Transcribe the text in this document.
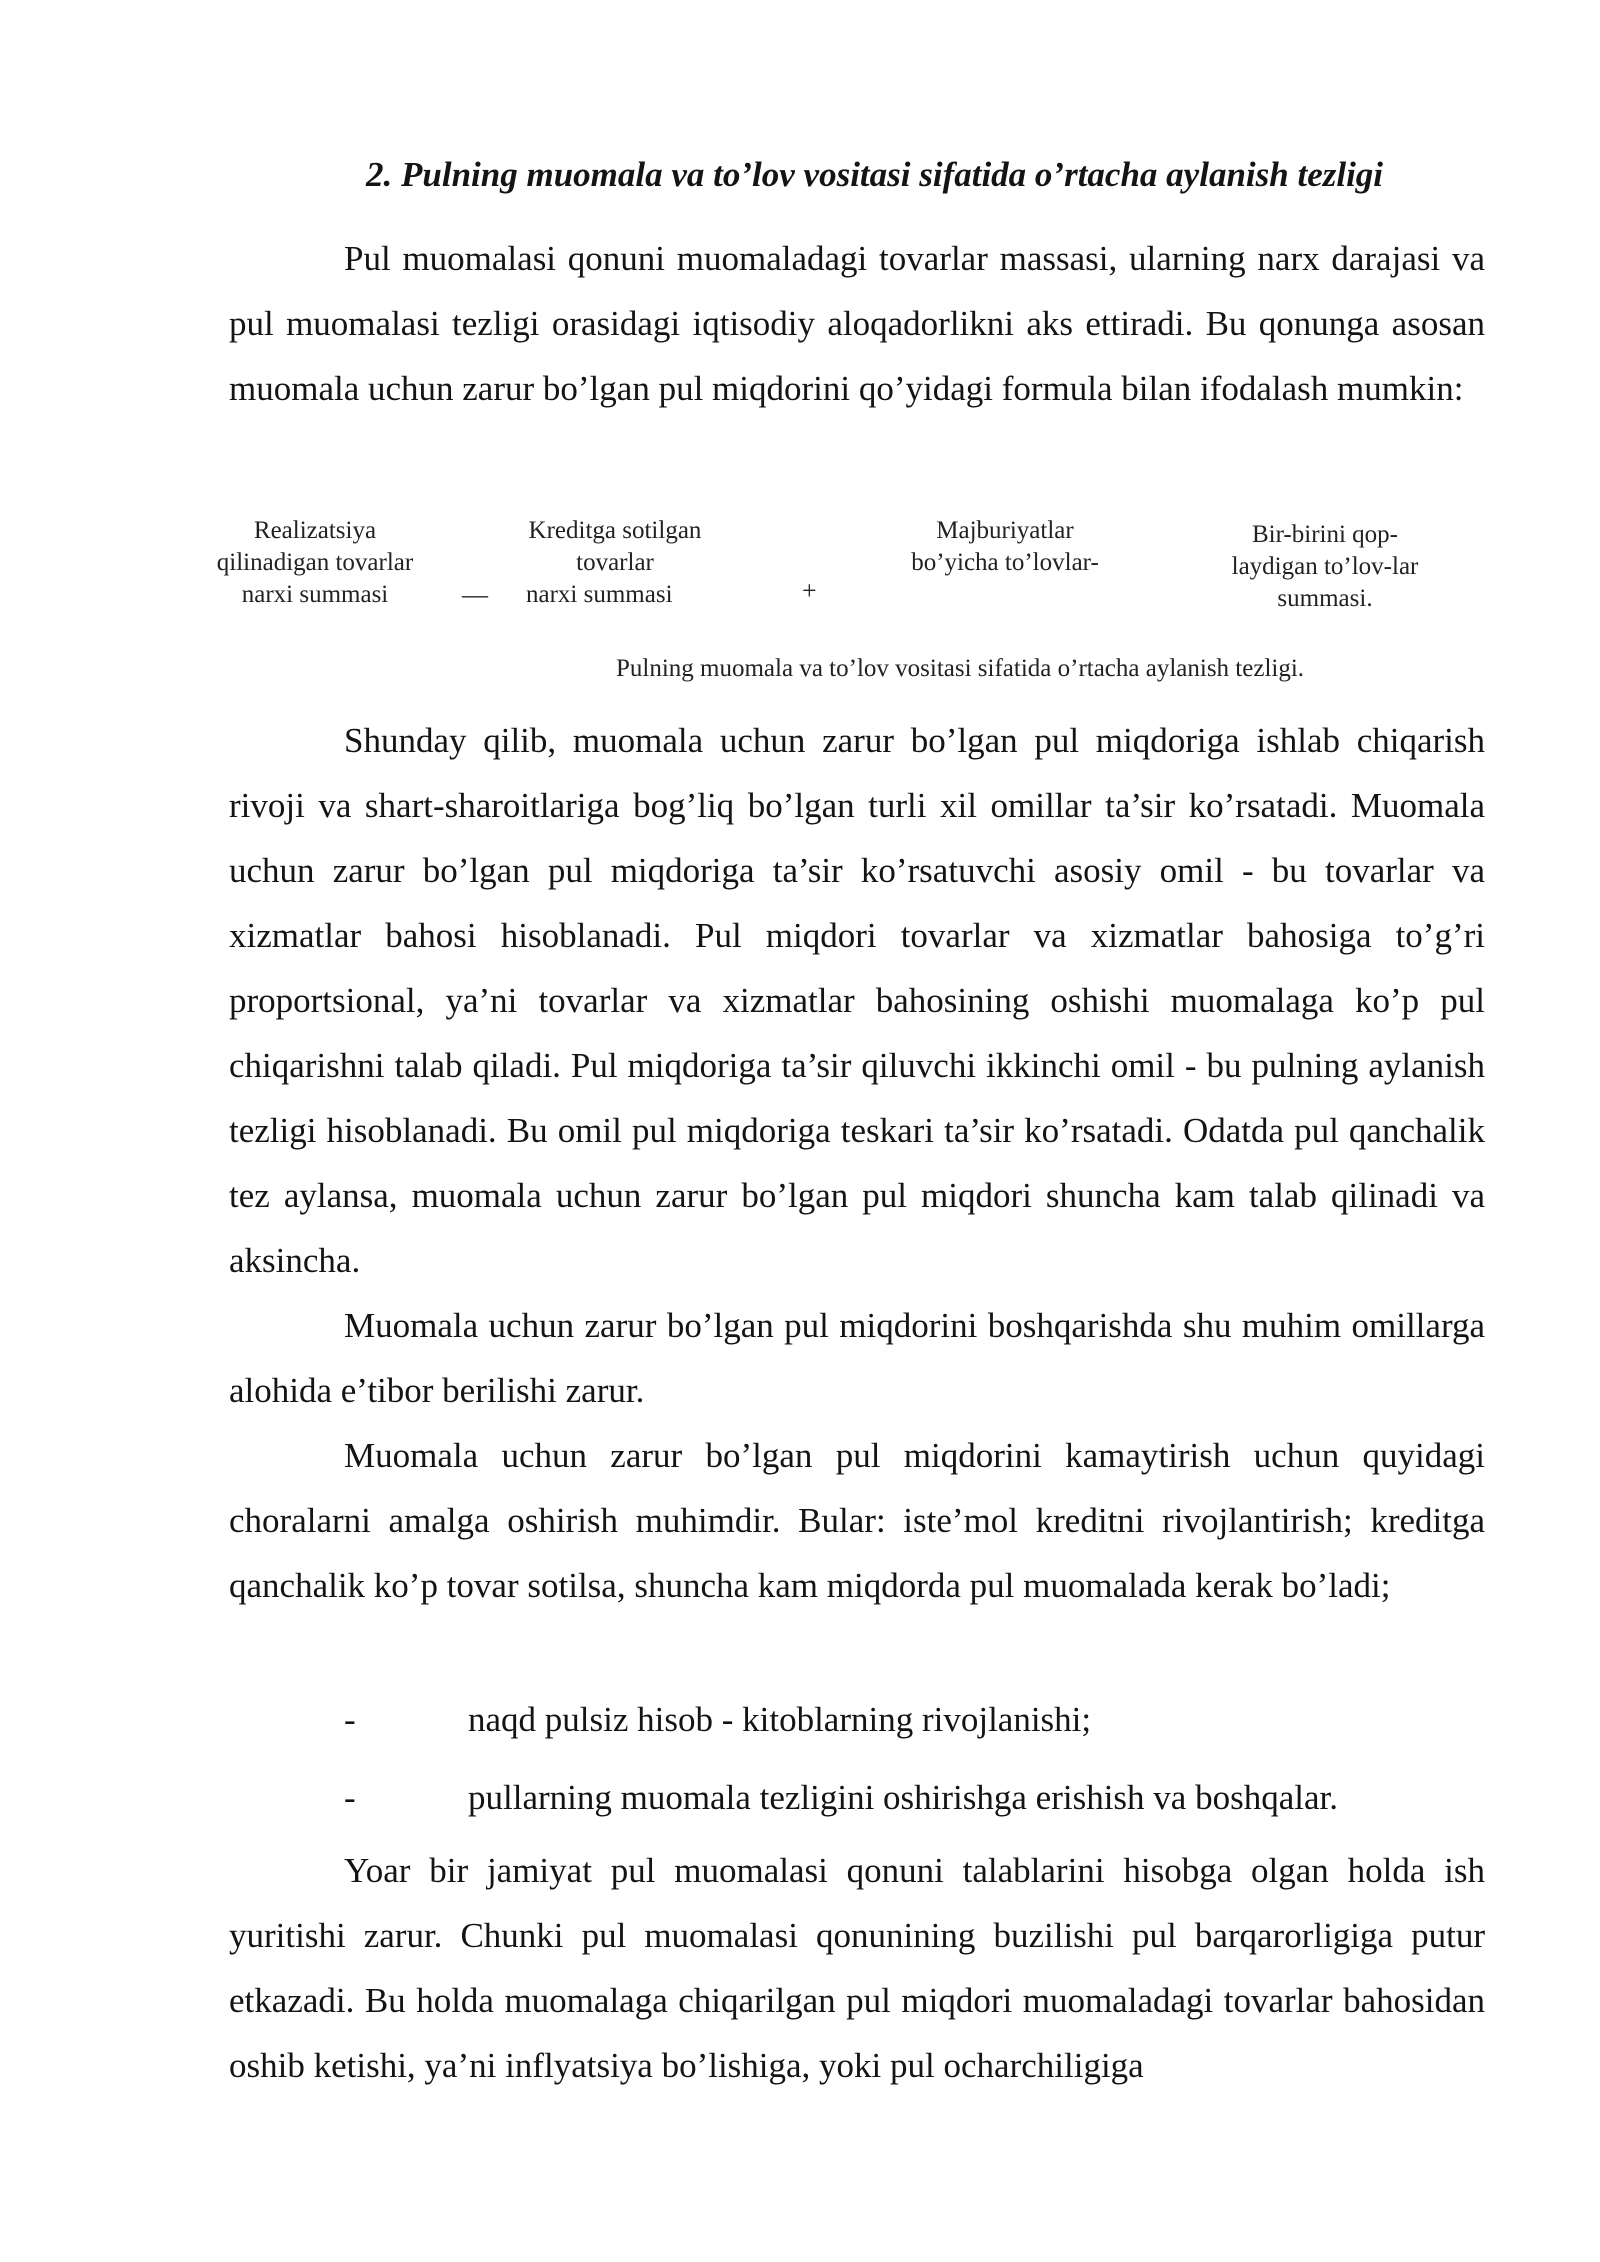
2. Pulning muomala va to’lov vositasi sifatida o’rtacha aylanish tezligi

Pul muomalasi qonuni muomaladagi tovarlar massasi, ularning narx darajasi va pul muomalasi tezligi orasidagi iqtisodiy aloqadorlikni aks ettiradi. Bu qonunga asosan muomala uchun zarur bo’lgan pul miqdorini qo’yidagi formula bilan ifodalash mumkin:

Realizatsiya
qilinadigan tovarlar
narxi summasi	—
Kreditga sotilgan
tovarlar
narxi summasi	+
Majburiyatlar
bo’yicha to’lovlar-
Bir-birini qop-
laydigan to’lov-lar
summasi.
Pulning muomala va to’lov vositasi sifatida o’rtacha aylanish tezligi.

Shunday qilib, muomala uchun zarur bo’lgan pul miqdoriga ishlab chiqarish rivoji va shart-sharoitlariga bog’liq bo’lgan turli xil omillar ta’sir ko’rsatadi. Muomala uchun zarur bo’lgan pul miqdoriga ta’sir ko’rsatuvchi asosiy omil - bu tovarlar va xizmatlar bahosi hisoblanadi. Pul miqdori tovarlar va xizmatlar bahosiga to’g’ri proportsional, ya’ni tovarlar va xizmatlar bahosining oshishi muomalaga ko’p pul chiqarishni talab qiladi. Pul miqdoriga ta’sir qiluvchi ikkinchi omil - bu pulning aylanish tezligi hisoblanadi. Bu omil pul miqdoriga teskari ta’sir ko’rsatadi. Odatda pul qanchalik tez aylansa, muomala uchun zarur bo’lgan pul miqdori shuncha kam talab qilinadi va aksincha.

Muomala uchun zarur bo’lgan pul miqdorini boshqarishda shu muhim omillarga alohida e’tibor berilishi zarur.

Muomala uchun zarur bo’lgan pul miqdorini kamaytirish uchun quyidagi choralarni amalga oshirish muhimdir. Bular: iste’mol kreditni rivojlantirish; kreditga qanchalik ko’p tovar sotilsa, shuncha kam miqdorda pul muomalada kerak bo’ladi;

-	naqd pulsiz hisob - kitoblarning rivojlanishi;
-	pullarning muomala tezligini oshirishga erishish va boshqalar.

Yoar bir jamiyat pul muomalasi qonuni talablarini hisobga olgan holda ish yuritishi zarur. Chunki pul muomalasi qonunining buzilishi pul barqarorligiga putur etkazadi. Bu holda muomalaga chiqarilgan pul miqdori muomaladagi tovarlar bahosidan oshib ketishi, ya’ni inflyatsiya bo’lishiga, yoki pul ocharchiligiga
